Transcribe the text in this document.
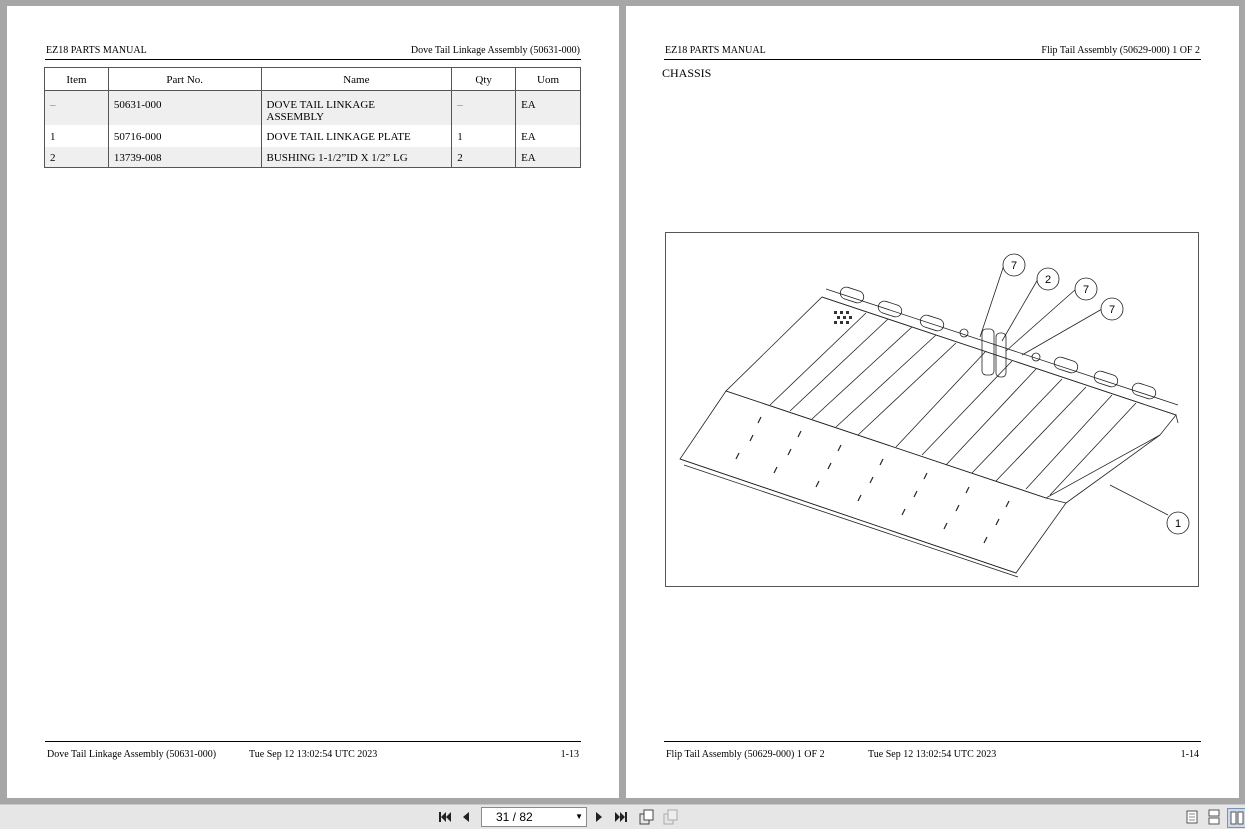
EZ18 PARTS MANUAL	Dove Tail Linkage Assembly (50631-000)
Item	Part No.	Name	Qty	Uom
–	50631-000	DOVE TAIL LINKAGE ASSEMBLY	–	EA
1	50716-000	DOVE TAIL LINKAGE PLATE	1	EA
2	13739-008	BUSHING 1-1/2”ID X 1/2” LG	2	EA
Dove Tail Linkage Assembly (50631-000)	Tue Sep 12 13:02:54 UTC 2023	1-13
EZ18 PARTS MANUAL	Flip Tail Assembly (50629-000) 1 OF 2
CHASSIS
7
2
7
7
1
Flip Tail Assembly (50629-000) 1 OF 2	Tue Sep 12 13:02:54 UTC 2023	1-14
31 / 82	▼
